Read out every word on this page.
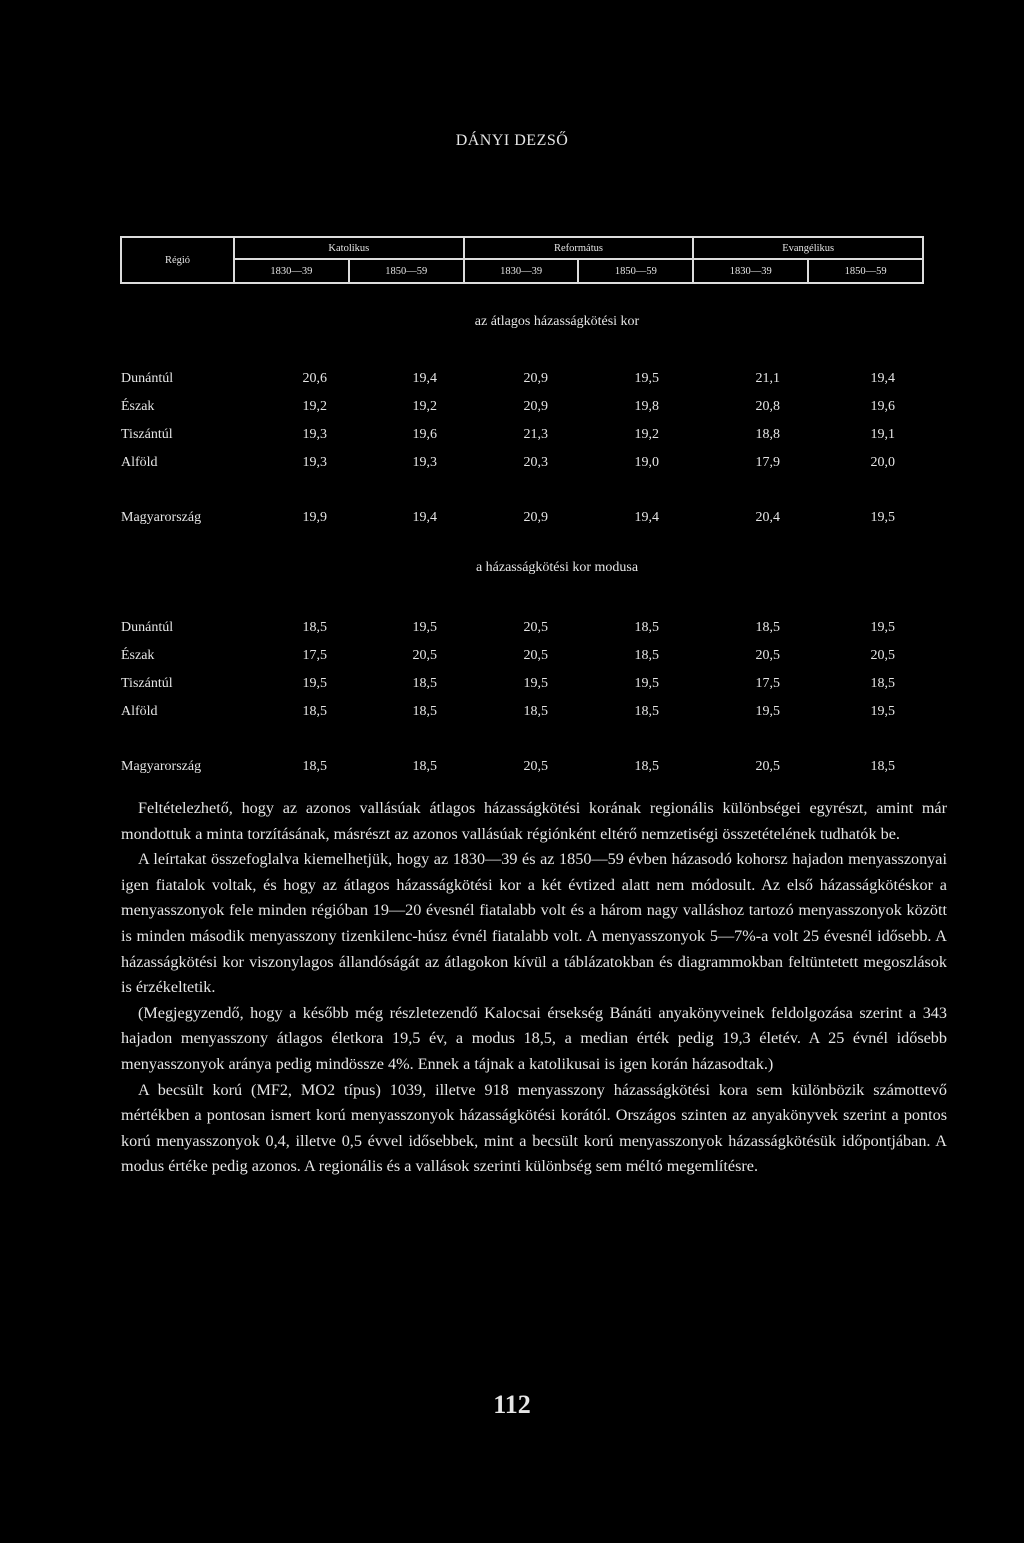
DÁNYI DEZSŐ
Régió	Katolikus		Református		Evangélikus	
	1830—39	1850—59	1830—39	1850—59	1830—39	1850—59
az átlagos házasságkötési kor
Dunántúl	20,6	19,4	20,9	19,5	21,1	19,4
Észak	19,2	19,2	20,9	19,8	20,8	19,6
Tiszántúl	19,3	19,6	21,3	19,2	18,8	19,1
Alföld	19,3	19,3	20,3	19,0	17,9	20,0
Magyarország	19,9	19,4	20,9	19,4	20,4	19,5
Dunántúl	18,5	19,5	20,5	18,5	18,5	19,5
Észak	17,5	20,5	20,5	18,5	20,5	20,5
Tiszántúl	19,5	18,5	19,5	19,5	17,5	18,5
Alföld	18,5	18,5	18,5	18,5	19,5	19,5
Magyarország	18,5	18,5	20,5	18,5	20,5	18,5
a házasságkötési kor modusa

Feltételezhető, hogy az azonos vallásúak átlagos házasságkötési korának regionális különbségei egyrészt, amint már mondottuk a minta torzításának, másrészt az azonos vallásúak régiónként eltérő nemzetiségi összetételének tudhatók be.

A leírtakat összefoglalva kiemelhetjük, hogy az 1830—39 és az 1850—59 évben házasodó kohorsz hajadon menyasszonyai igen fiatalok voltak, és hogy az átlagos házasságkötési kor a két évtized alatt nem módosult. Az első házasságkötéskor a menyasszonyok fele minden régióban 19—20 évesnél fiatalabb volt és a három nagy valláshoz tartozó menyasszonyok között is minden második menyasszony tizenkilenc-húsz évnél fiatalabb volt. A menyasszonyok 5—7%-a volt 25 évesnél idősebb. A házasságkötési kor viszonylagos állandóságát az átlagokon kívül a táblázatokban és diagrammokban feltüntetett megoszlások is érzékeltetik.

(Megjegyzendő, hogy a később még részletezendő Kalocsai érsekség Bánáti anyakönyveinek feldolgozása szerint a 343 hajadon menyasszony átlagos életkora 19,5 év, a modus 18,5, a median érték pedig 19,3 életév. A 25 évnél idősebb menyasszonyok aránya pedig mindössze 4%. Ennek a tájnak a katolikusai is igen korán házasodtak.)

A becsült korú (MF2, MO2 típus) 1039, illetve 918 menyasszony házasságkötési kora sem különbözik számottevő mértékben a pontosan ismert korú menyasszonyok házasságkötési korától. Országos szinten az anyakönyvek szerint a pontos korú menyasszonyok 0,4, illetve 0,5 évvel idősebbek, mint a becsült korú menyasszonyok házasságkötésük időpontjában. A modus értéke pedig azonos. A regionális és a vallások szerinti különbség sem méltó megemlítésre.

112
